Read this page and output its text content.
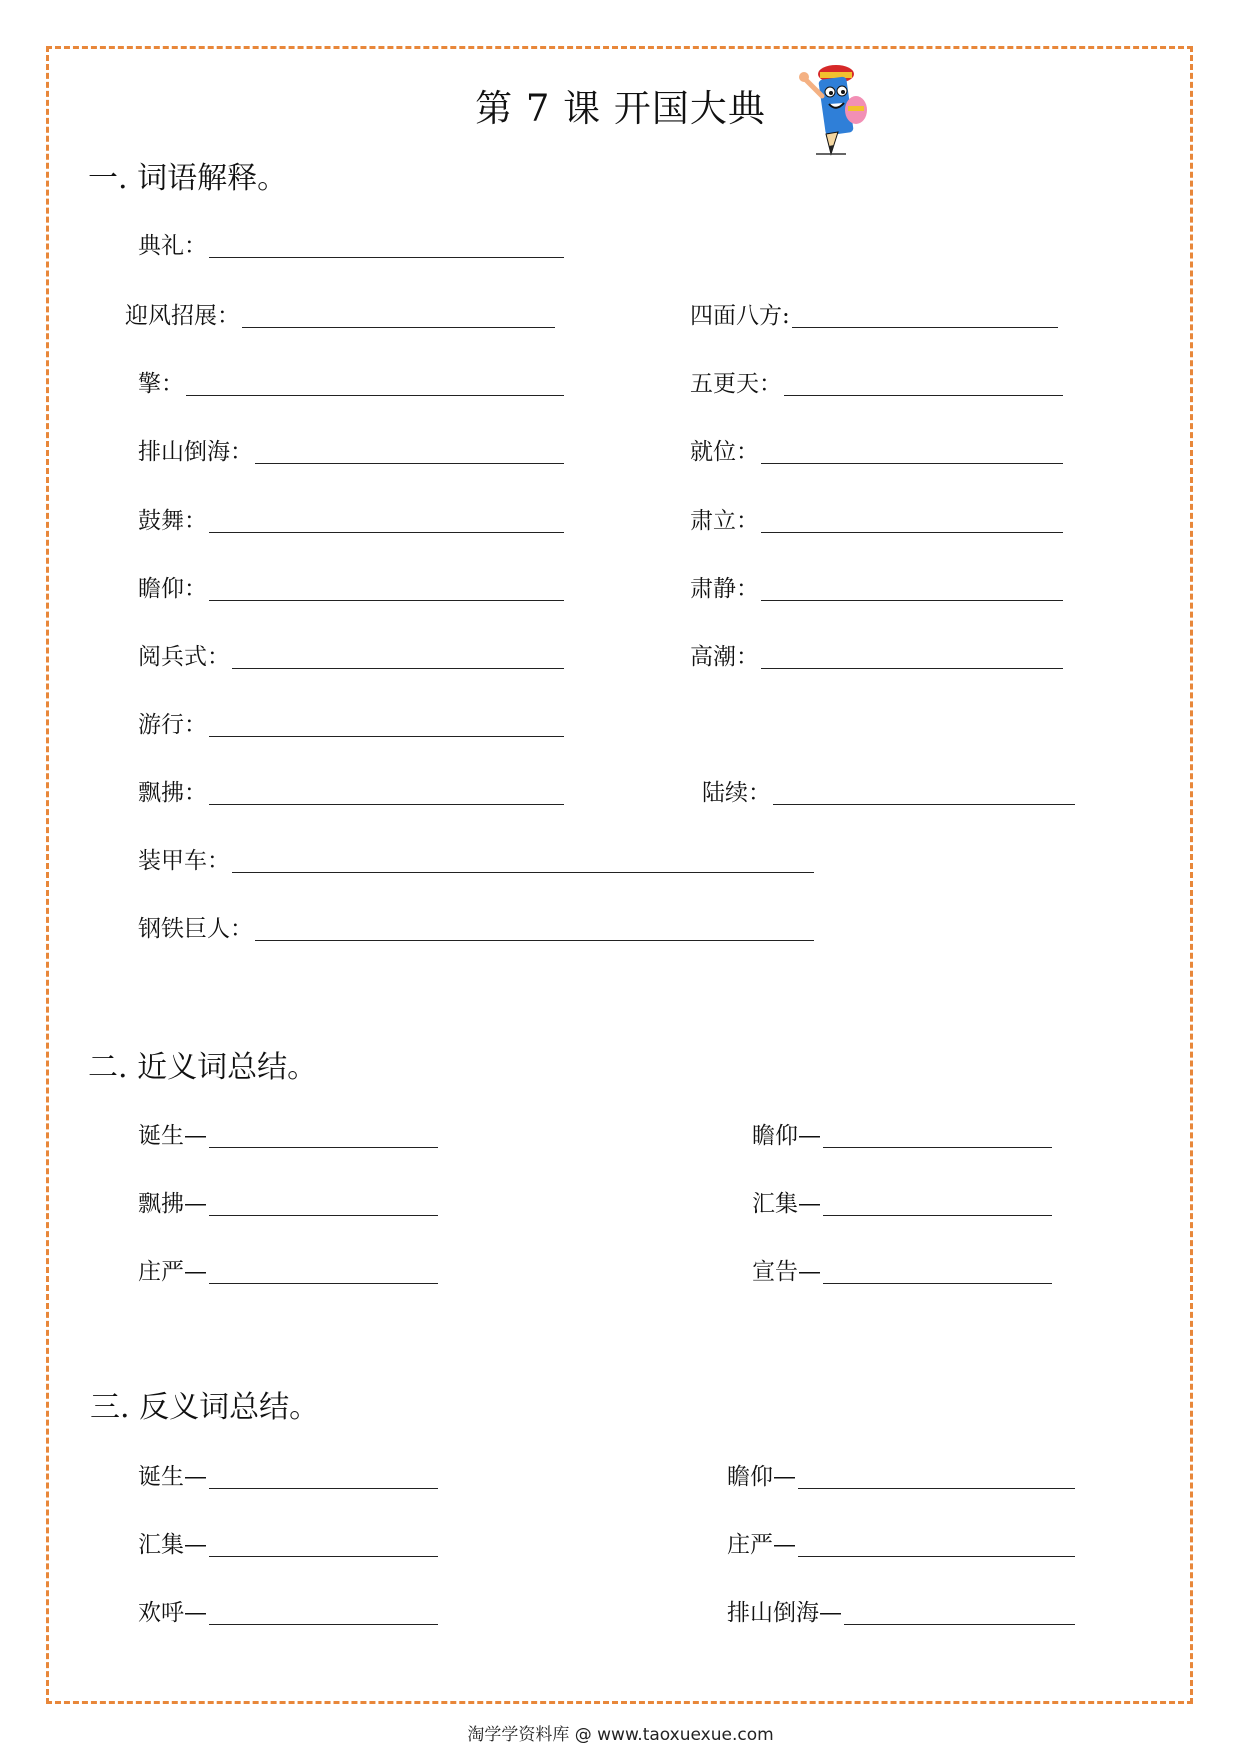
第 7 课 开国大典
一. 词语解释。
典礼：
迎风招展：	四面八方:
擎：	五更天：
排山倒海：	就位：
鼓舞：	肃立：
瞻仰：	肃静：
阅兵式：	高潮：
游行：
飘拂：	陆续：
装甲车：
钢铁巨人：
二. 近义词总结。
诞生—	瞻仰—
飘拂—	汇集—
庄严—	宣告—
三. 反义词总结。
诞生—	瞻仰—
汇集—	庄严—
欢呼—	排山倒海—
淘学学资料库 @ www.taoxuexue.com
